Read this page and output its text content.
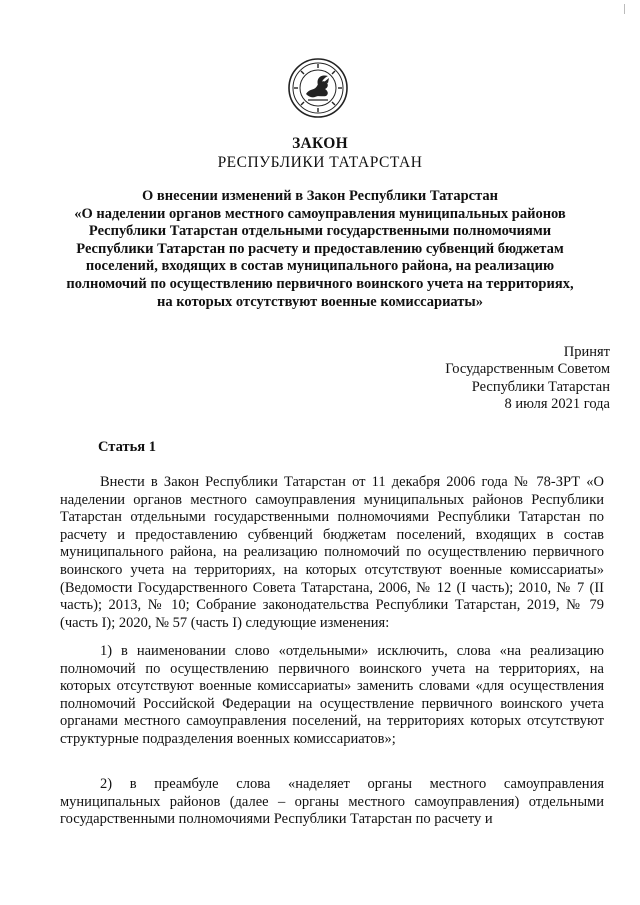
ЗАКОН
РЕСПУБЛИКИ ТАТАРСТАН
О внесении изменений в Закон Республики Татарстан
«О наделении органов местного самоуправления муниципальных районов
Республики Татарстан отдельными государственными полномочиями
Республики Татарстан по расчету и предоставлению субвенций бюджетам
поселений, входящих в состав муниципального района, на реализацию
полномочий по осуществлению первичного воинского учета на территориях,
на которых отсутствуют военные комиссариаты»
Принят
Государственным Советом
Республики Татарстан
8 июля 2021 года
Статья 1
Внести в Закон Республики Татарстан от 11 декабря 2006 года № 78-ЗРТ «О наделении органов местного самоуправления муниципальных районов Республики Татарстан отдельными государственными полномочиями Республики Татарстан по расчету и предоставлению субвенций бюджетам поселений, входящих в состав муниципального района, на реализацию полномочий по осуществлению первичного воинского учета на территориях, на которых отсутствуют военные комиссариаты» (Ведомости Государственного Совета Татарстана, 2006, № 12 (I часть); 2010, № 7 (II часть); 2013, № 10; Собрание законодательства Республики Татарстан, 2019, № 79 (часть I); 2020, № 57 (часть I) следующие изменения:
1) в наименовании слово «отдельными» исключить, слова «на реализацию полномочий по осуществлению первичного воинского учета на территориях, на которых отсутствуют военные комиссариаты» заменить словами «для осуществления полномочий Российской Федерации на осуществление первичного воинского учета органами местного самоуправления поселений, на территориях которых отсутствуют структурные подразделения военных комиссариатов»;
2) в преамбуле слова «наделяет органы местного самоуправления муниципальных районов (далее – органы местного самоуправления) отдельными государственными полномочиями Республики Татарстан по расчету и
